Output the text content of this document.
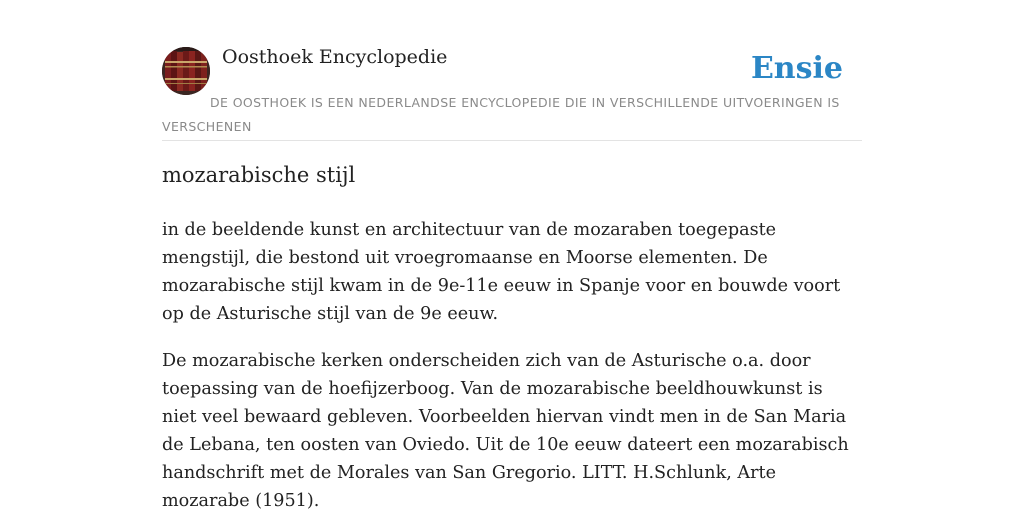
Oosthoek Encyclopedie	Ensie
DE OOSTHOEK IS EEN NEDERLANDSE ENCYCLOPEDIE DIE IN VERSCHILLENDE UITVOERINGEN IS VERSCHENEN
mozarabische stijl

in de beeldende kunst en architectuur van de mozaraben toegepaste mengstijl, die bestond uit vroegromaanse en Moorse elementen. De mozarabische stijl kwam in de 9e-11e eeuw in Spanje voor en bouwde voort op de Asturische stijl van de 9e eeuw.

De mozarabische kerken onderscheiden zich van de Asturische o.a. door toepassing van de hoefijzerboog. Van de mozarabische beeldhouwkunst is niet veel bewaard gebleven. Voorbeelden hiervan vindt men in de San Maria de Lebana, ten oosten van Oviedo. Uit de 10e eeuw dateert een mozarabisch handschrift met de Morales van San Gregorio. LITT. H.Schlunk, Arte mozarabe (1951).
